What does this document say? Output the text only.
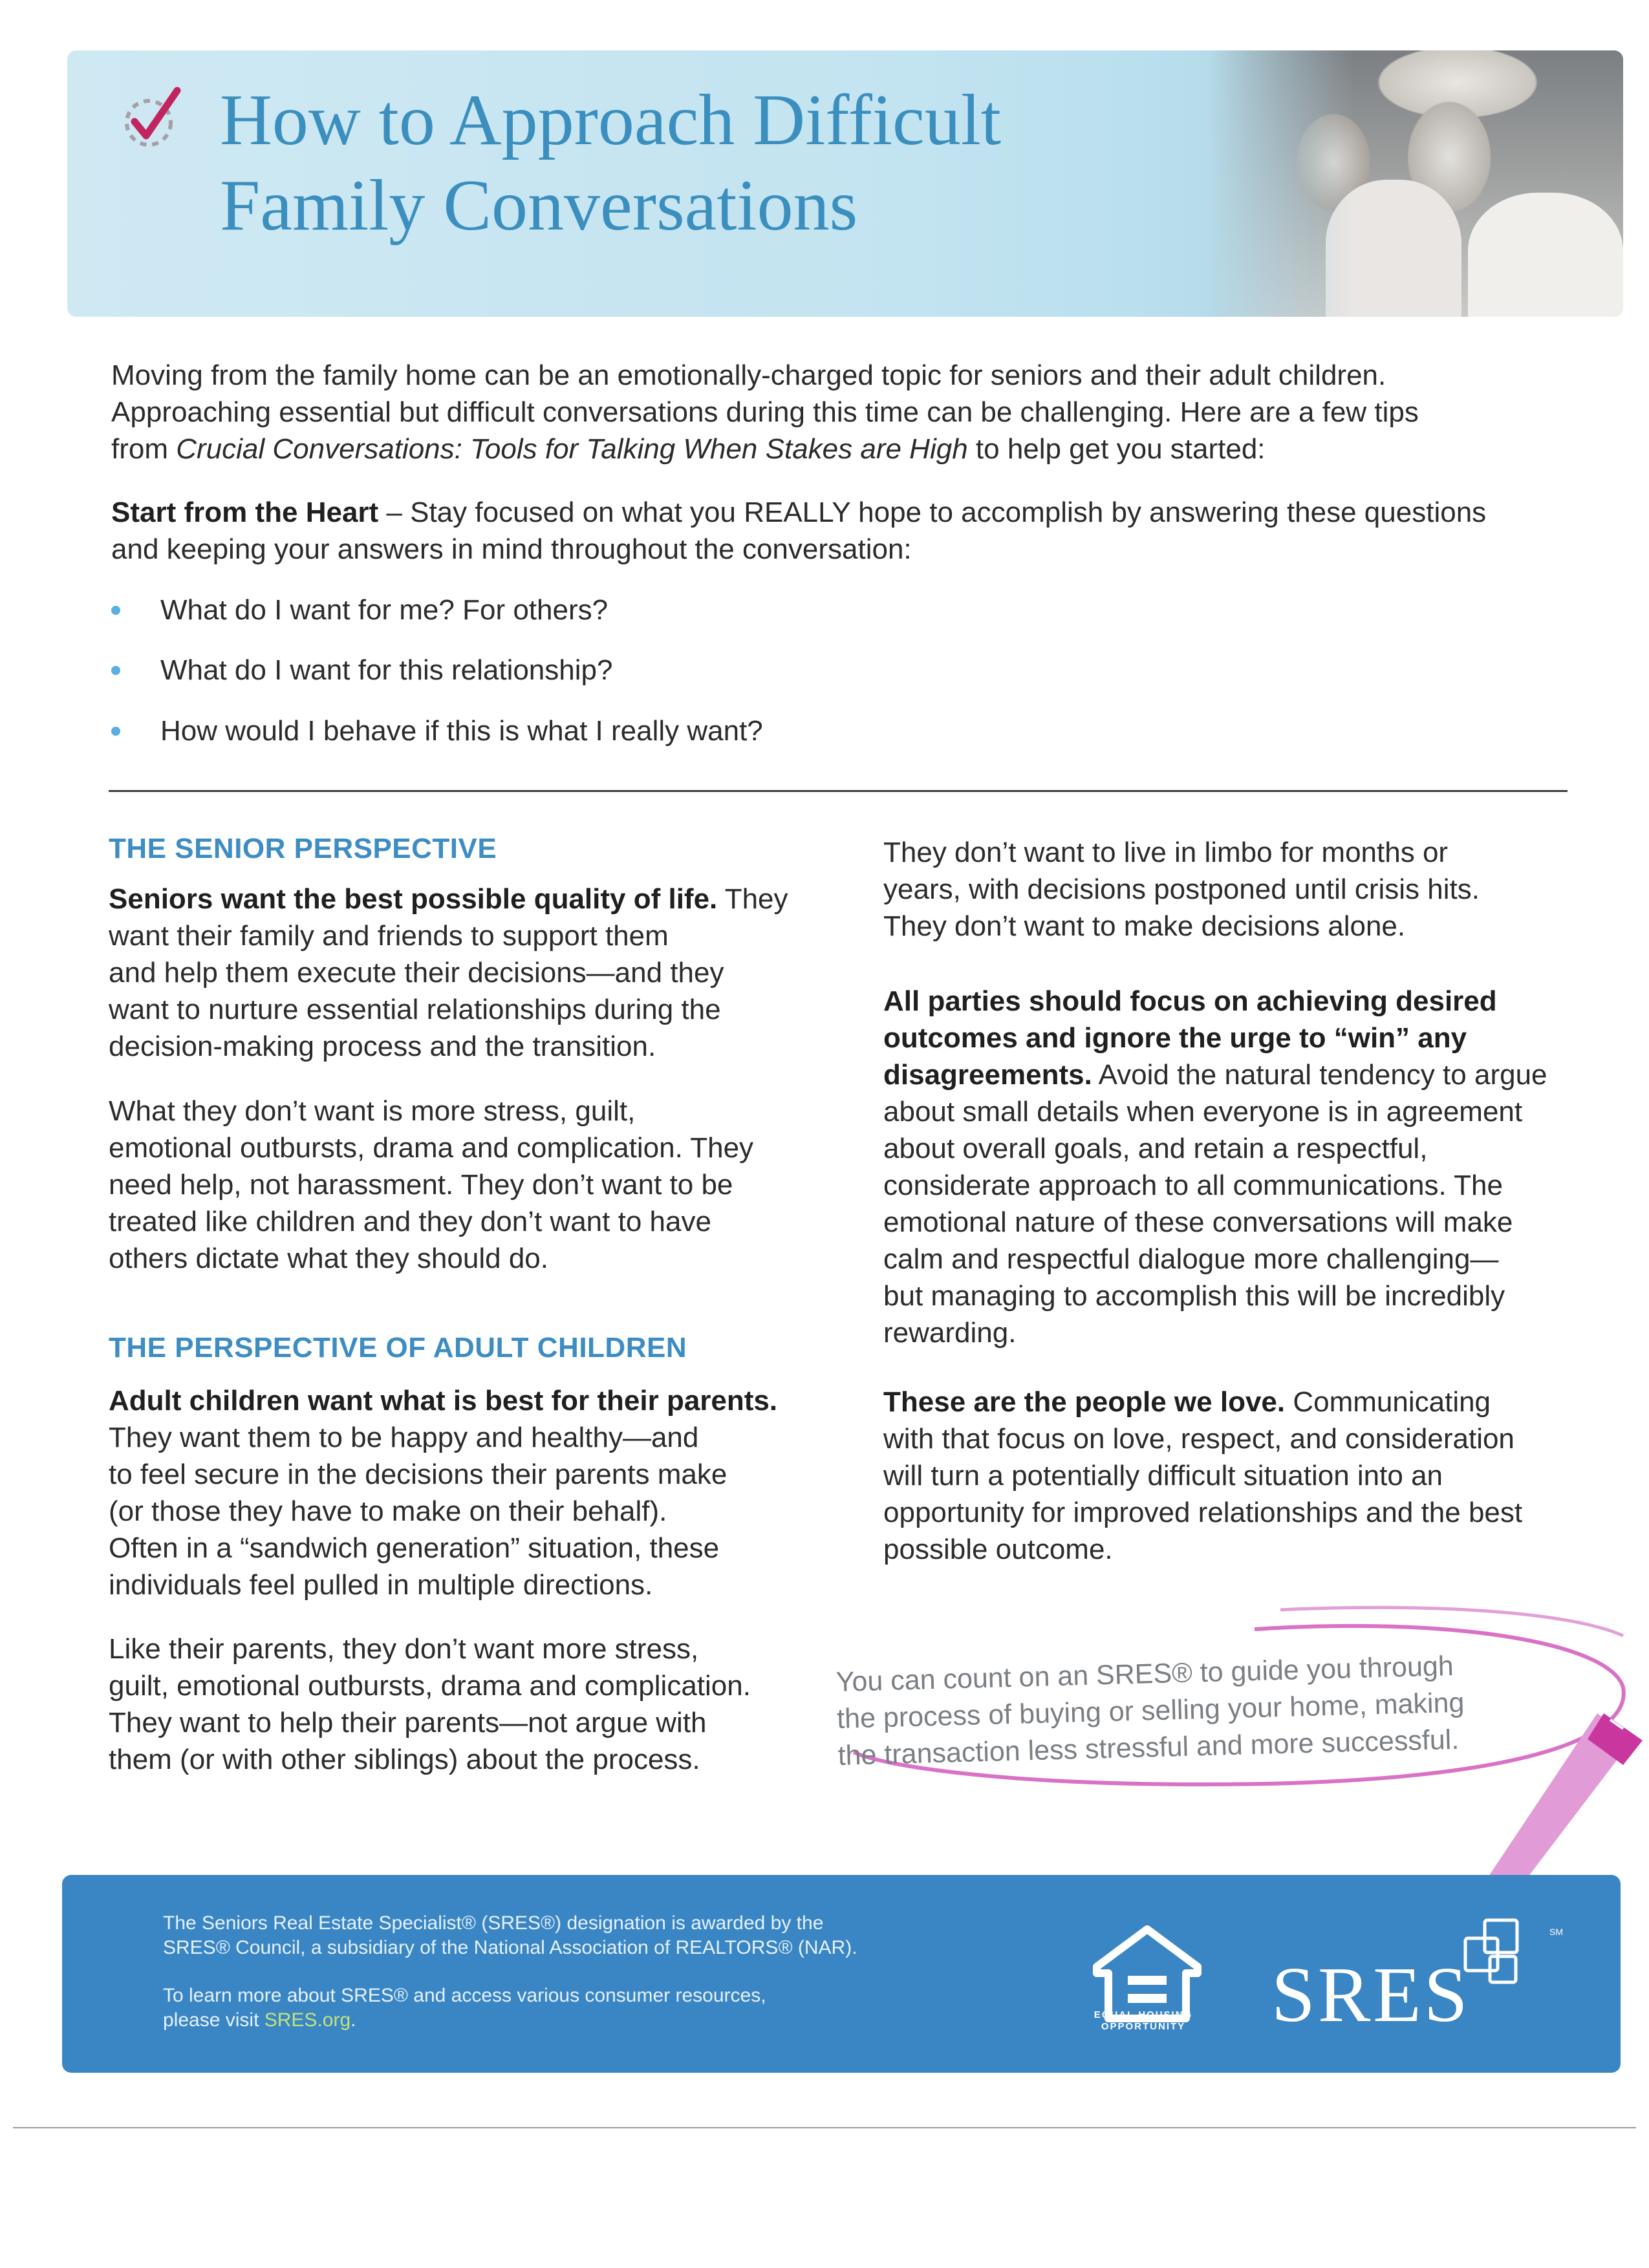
How to Approach Difficult
Family Conversations
Moving from the family home can be an emotionally-charged topic for seniors and their adult children.
Approaching essential but difficult conversations during this time can be challenging. Here are a few tips
from Crucial Conversations: Tools for Talking When Stakes are High to help get you started:
Start from the Heart – Stay focused on what you REALLY hope to accomplish by answering these questions
and keeping your answers in mind throughout the conversation:
What do I want for me? For others?
What do I want for this relationship?
How would I behave if this is what I really want?
THE SENIOR PERSPECTIVE
Seniors want the best possible quality of life. They
want their family and friends to support them
and help them execute their decisions—and they
want to nurture essential relationships during the
decision-making process and the transition.
What they don’t want is more stress, guilt,
emotional outbursts, drama and complication. They
need help, not harassment. They don’t want to be
treated like children and they don’t want to have
others dictate what they should do.
THE PERSPECTIVE OF ADULT CHILDREN
Adult children want what is best for their parents.
They want them to be happy and healthy—and
to feel secure in the decisions their parents make
(or those they have to make on their behalf).
Often in a “sandwich generation” situation, these
individuals feel pulled in multiple directions.
Like their parents, they don’t want more stress,
guilt, emotional outbursts, drama and complication.
They want to help their parents—not argue with
them (or with other siblings) about the process.
They don’t want to live in limbo for months or
years, with decisions postponed until crisis hits.
They don’t want to make decisions alone.
All parties should focus on achieving desired
outcomes and ignore the urge to “win” any
disagreements. Avoid the natural tendency to argue
about small details when everyone is in agreement
about overall goals, and retain a respectful,
considerate approach to all communications. The
emotional nature of these conversations will make
calm and respectful dialogue more challenging—
but managing to accomplish this will be incredibly
rewarding.
These are the people we love. Communicating
with that focus on love, respect, and consideration
will turn a potentially difficult situation into an
opportunity for improved relationships and the best
possible outcome.
You can count on an SRES® to guide you through
the process of buying or selling your home, making
the transaction less stressful and more successful.
The Seniors Real Estate Specialist® (SRES®) designation is awarded by the
SRES® Council, a subsidiary of the National Association of REALTORS® (NAR).
To learn more about SRES® and access various consumer resources,
please visit SRES.org.	EQUAL HOUSING
OPPORTUNITY SRES
SM
